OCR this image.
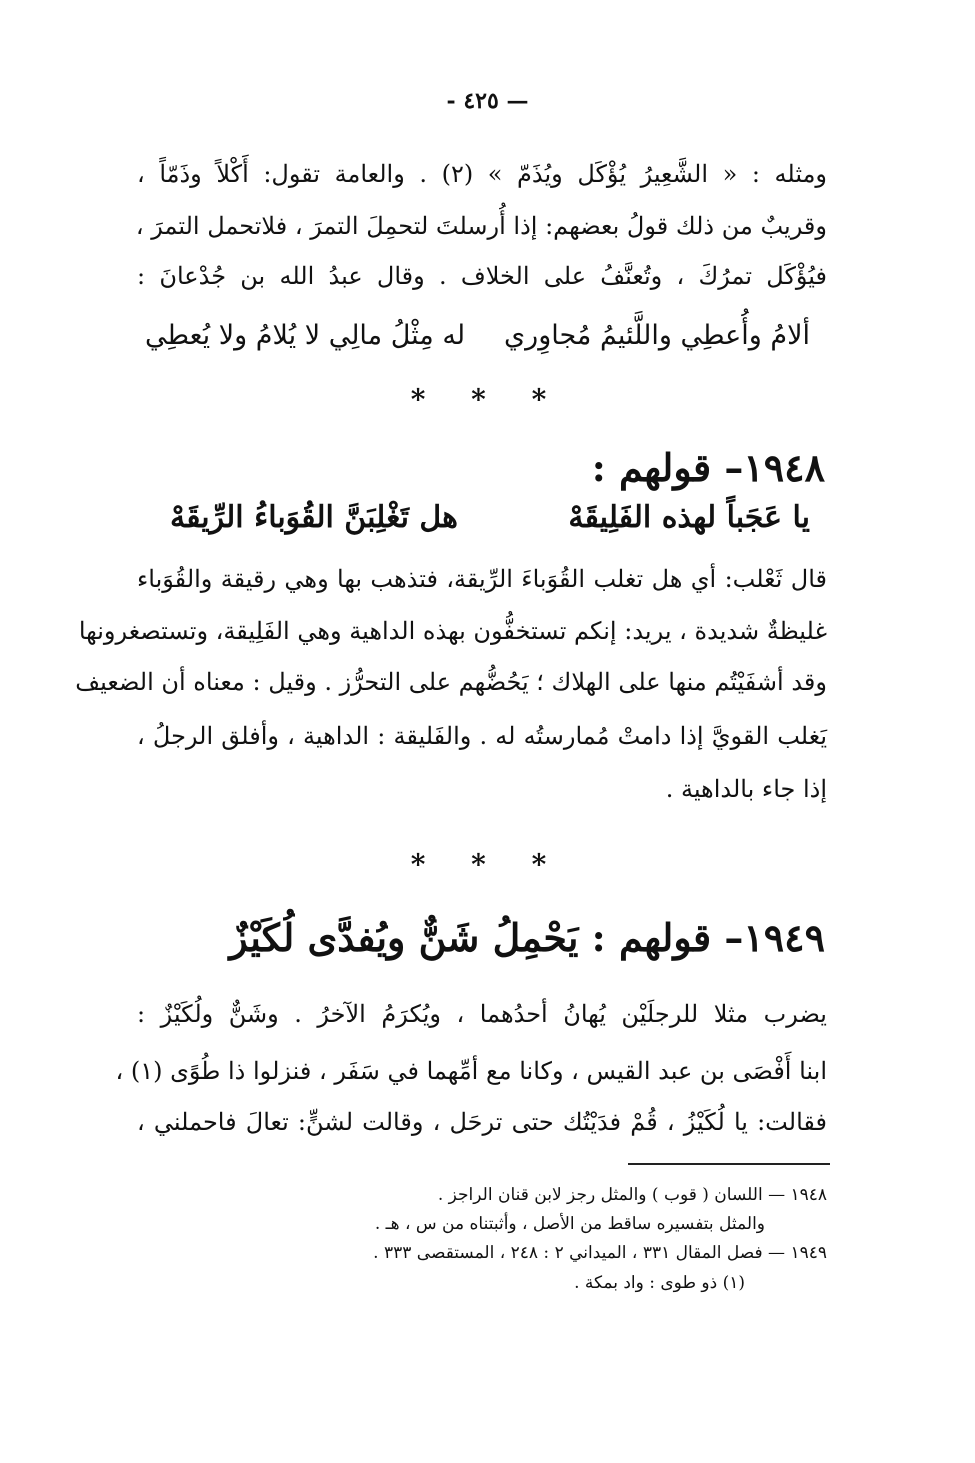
— ٤٢٥ -
ومثله : « الشَّعِيرُ يُؤْكَل ويُذَمّ » (٢) . والعامة تقول: أَكْلاً وذَمّاً ،
وقريبٌ من ذلك قولُ بعضهم: إذا أُرسلتَ لتحمِلَ التمرَ ، فلاتحمل التمرَ ،
فيُؤْكَل تمرُكَ ، وتُعنَّفُ على الخلاف . وقال عبدُ الله بن جُدْعانَ :
ألامُ وأُعطِي واللَّئيمُ مُجاوِري
له مِثْلُ مالِي لا يُلامُ ولا يُعطِي
* * *
١٩٤٨– قولهم :
يا عَجَباً لهذه الفَلِيقَهْ
هل تَغْلِبَنَّ القُوَباءُ الرِّيقَهْ
قال ثَعْلب: أي هل تغلب القُوَباءَ الرِّيقة، فتذهب بها وهي رقيقة والقُوَباء
غليظةٌ شديدة ، يريد: إنكم تستخفُّون بهذه الداهية وهي الفَلِيقة، وتستصغرونها
وقد أشفَيْتُم منها على الهلاك ؛ يَحُضُّهم على التحرُّز . وقيل : معناه أن الضعيف
يَغلب القويَّ إذا دامتْ مُمارستُه له . والفَليقة : الداهية ، وأفلق الرجلُ ،
إذا جاء بالداهية .
* * *
١٩٤٩– قولهم : يَحْمِلُ شَنٌّ ويُفدَّى لُكَيْزٌ
يضرب مثلا للرجلَيْن يُهانُ أحدُهما ، ويُكرَمُ الآخرُ . وشَنٌّ ولُكَيْزٌ :
ابنا أَفْصَى بن عبد القيس ، وكانا مع أمِّهما في سَفَر ، فنزلوا ذا طُوًى (١) ،
فقالت: يا لُكَيْزُ ، قُمْ فدَيْتُك حتى ترحَل ، وقالت لشنٍّ: تعالَ فاحملني ،
١٩٤٨ — اللسان ( قوب ) والمثل رجز لابن قنان الراجز .
والمثل بتفسيره ساقط من الأصل ، وأثبتناه من س ، هـ .
١٩٤٩ — فصل المقال ٣٣١ ، الميداني ٢ : ٢٤٨ ، المستقصى ٣٣٣ .
(١) ذو طوى : واد بمكة .
